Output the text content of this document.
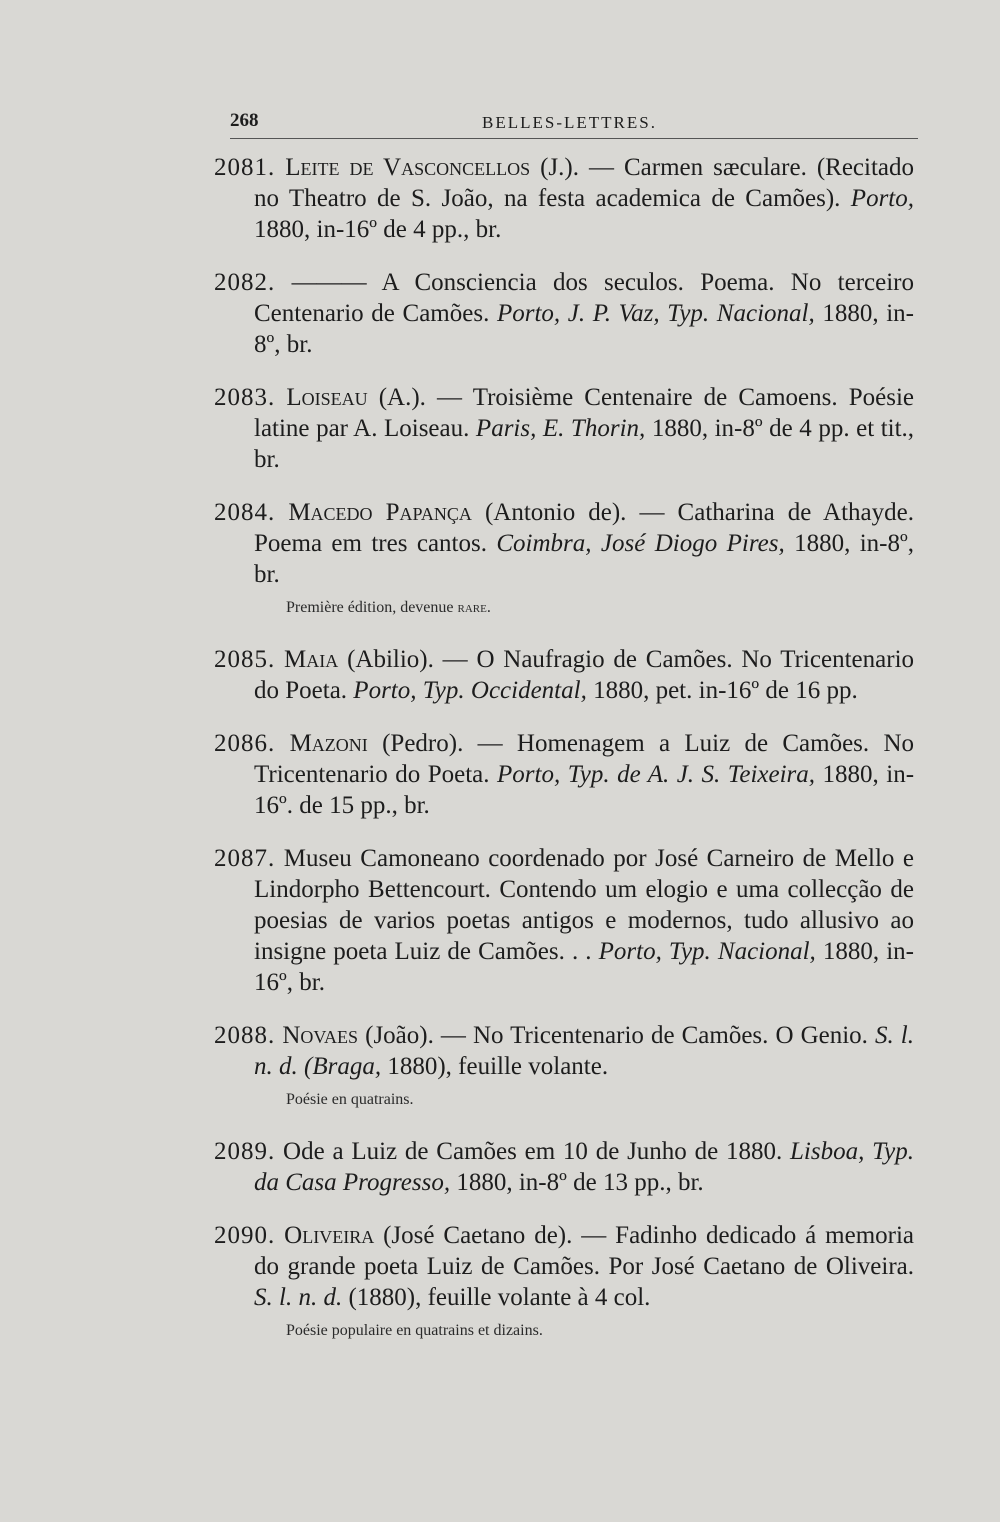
268	BELLES-LETTRES.
2081. Leite de Vasconcellos (J.). — Carmen sæculare. (Recitado no Theatro de S. João, na festa academica de Camões). Porto, 1880, in-16º de 4 pp., br.
2082. ——— A Consciencia dos seculos. Poema. No terceiro Centenario de Camões. Porto, J. P. Vaz, Typ. Nacional, 1880, in-8º, br.
2083. Loiseau (A.). — Troisième Centenaire de Camoens. Poésie latine par A. Loiseau. Paris, E. Thorin, 1880, in-8º de 4 pp. et tit., br.
2084. Macedo Papança (Antonio de). — Catharina de Athayde. Poema em tres cantos. Coimbra, José Diogo Pires, 1880, in-8º, br.
Première édition, devenue rare.
2085. Maia (Abilio). — O Naufragio de Camões. No Tricentenario do Poeta. Porto, Typ. Occidental, 1880, pet. in-16º de 16 pp.
2086. Mazoni (Pedro). — Homenagem a Luiz de Camões. No Tricentenario do Poeta. Porto, Typ. de A. J. S. Teixeira, 1880, in-16º. de 15 pp., br.
2087. Museu Camoneano coordenado por José Carneiro de Mello e Lindorpho Bettencourt. Contendo um elogio e uma collecção de poesias de varios poetas antigos e modernos, tudo allusivo ao insigne poeta Luiz de Camões. . . Porto, Typ. Nacional, 1880, in-16º, br.
2088. Novaes (João). — No Tricentenario de Camões. O Genio. S. l. n. d. (Braga, 1880), feuille volante.
Poésie en quatrains.
2089. Ode a Luiz de Camões em 10 de Junho de 1880. Lisboa, Typ. da Casa Progresso, 1880, in-8º de 13 pp., br.
2090. Oliveira (José Caetano de). — Fadinho dedicado á memoria do grande poeta Luiz de Camões. Por José Caetano de Oliveira. S. l. n. d. (1880), feuille volante à 4 col.
Poésie populaire en quatrains et dizains.
